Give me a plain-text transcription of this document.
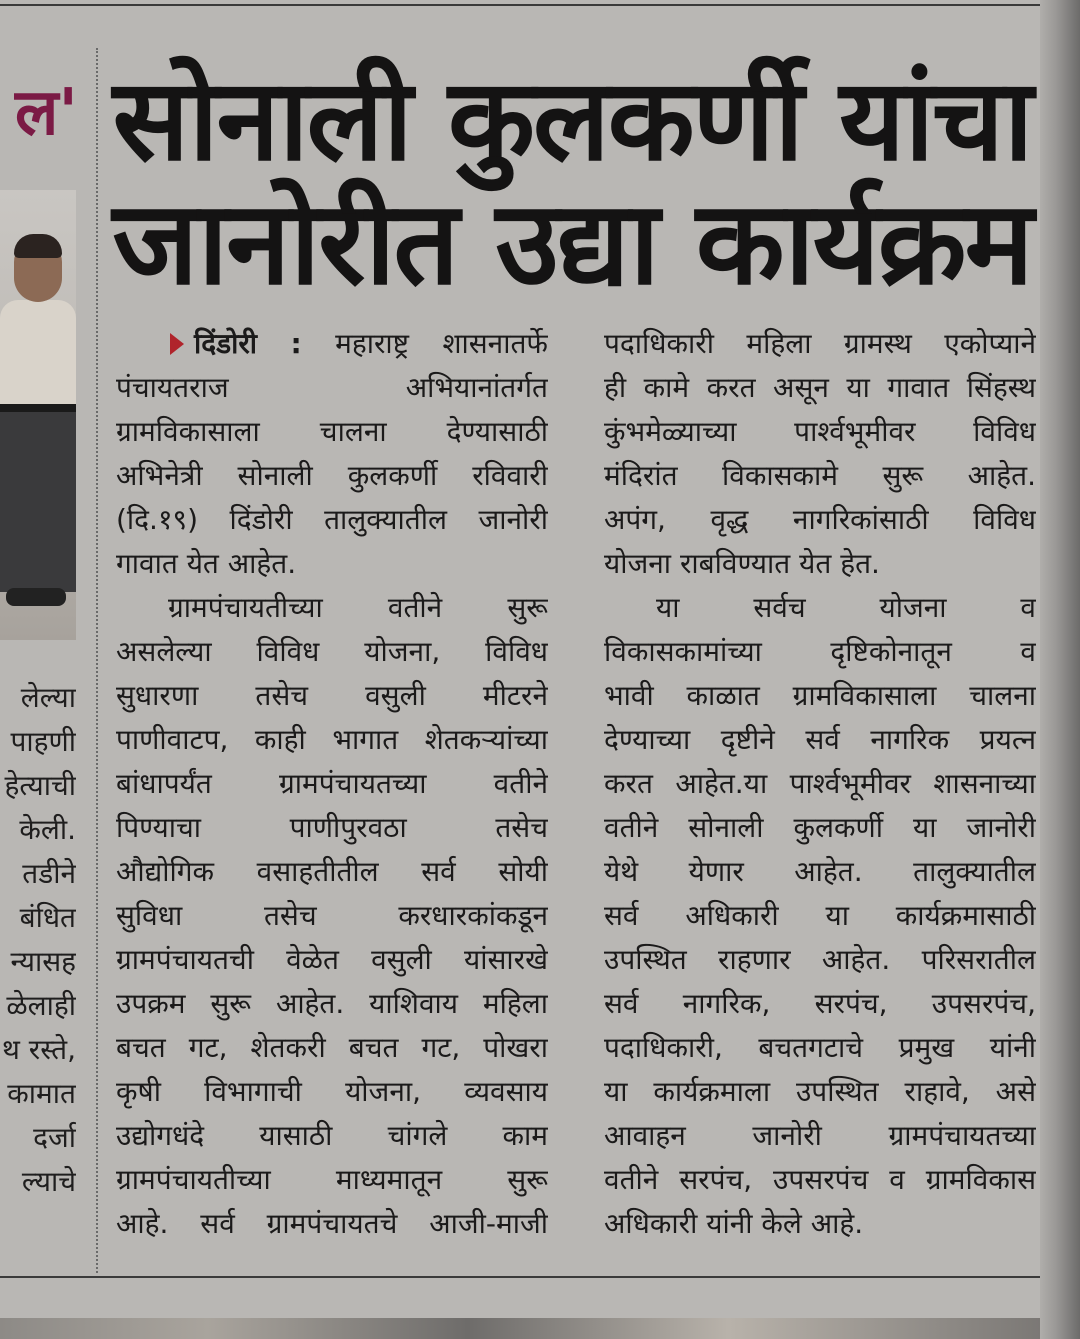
ल'
लेल्या
पाहणी
हेत्याची
केली.
तडीने
बंधित
न्यासह
ळेलाही
थ रस्ते,
कामात
दर्जा
ल्याचे
सोनाली कुलकर्णी यांचा
जानोरीत उद्या कार्यक्रम
दिंडोरी : महाराष्ट्र शासनातर्फे
पंचायतराज अभियानांतर्गत
ग्रामविकासाला चालना देण्यासाठी
अभिनेत्री सोनाली कुलकर्णी रविवारी
(दि.१९) दिंडोरी तालुक्यातील जानोरी
गावात येत आहेत.
ग्रामपंचायतीच्या वतीने सुरू
असलेल्या विविध योजना, विविध
सुधारणा तसेच वसुली मीटरने
पाणीवाटप, काही भागात शेतकऱ्यांच्या
बांधापर्यंत ग्रामपंचायतच्या वतीने
पिण्याचा पाणीपुरवठा तसेच
औद्योगिक वसाहतीतील सर्व सोयी
सुविधा तसेच करधारकांकडून
ग्रामपंचायतची वेळेत वसुली यांसारखे
उपक्रम सुरू आहेत. याशिवाय महिला
बचत गट, शेतकरी बचत गट, पोखरा
कृषी विभागाची योजना, व्यवसाय
उद्योगधंदे यासाठी चांगले काम
ग्रामपंचायतीच्या माध्यमातून सुरू
आहे. सर्व ग्रामपंचायतचे आजी-माजी
पदाधिकारी महिला ग्रामस्थ एकोप्याने
ही कामे करत असून या गावात सिंहस्थ
कुंभमेळ्याच्या पार्श्वभूमीवर विविध
मंदिरांत विकासकामे सुरू आहेत.
अपंग, वृद्ध नागरिकांसाठी विविध
योजना राबविण्यात येत हेत.
या सर्वच योजना व
विकासकामांच्या दृष्टिकोनातून व
भावी काळात ग्रामविकासाला चालना
देण्याच्या दृष्टीने सर्व नागरिक प्रयत्न
करत आहेत.या पार्श्वभूमीवर शासनाच्या
वतीने सोनाली कुलकर्णी या जानोरी
येथे येणार आहेत. तालुक्यातील
सर्व अधिकारी या कार्यक्रमासाठी
उपस्थित राहणार आहेत. परिसरातील
सर्व नागरिक, सरपंच, उपसरपंच,
पदाधिकारी, बचतगटाचे प्रमुख यांनी
या कार्यक्रमाला उपस्थित राहावे, असे
आवाहन जानोरी ग्रामपंचायतच्या
वतीने सरपंच, उपसरपंच व ग्रामविकास
अधिकारी यांनी केले आहे.
